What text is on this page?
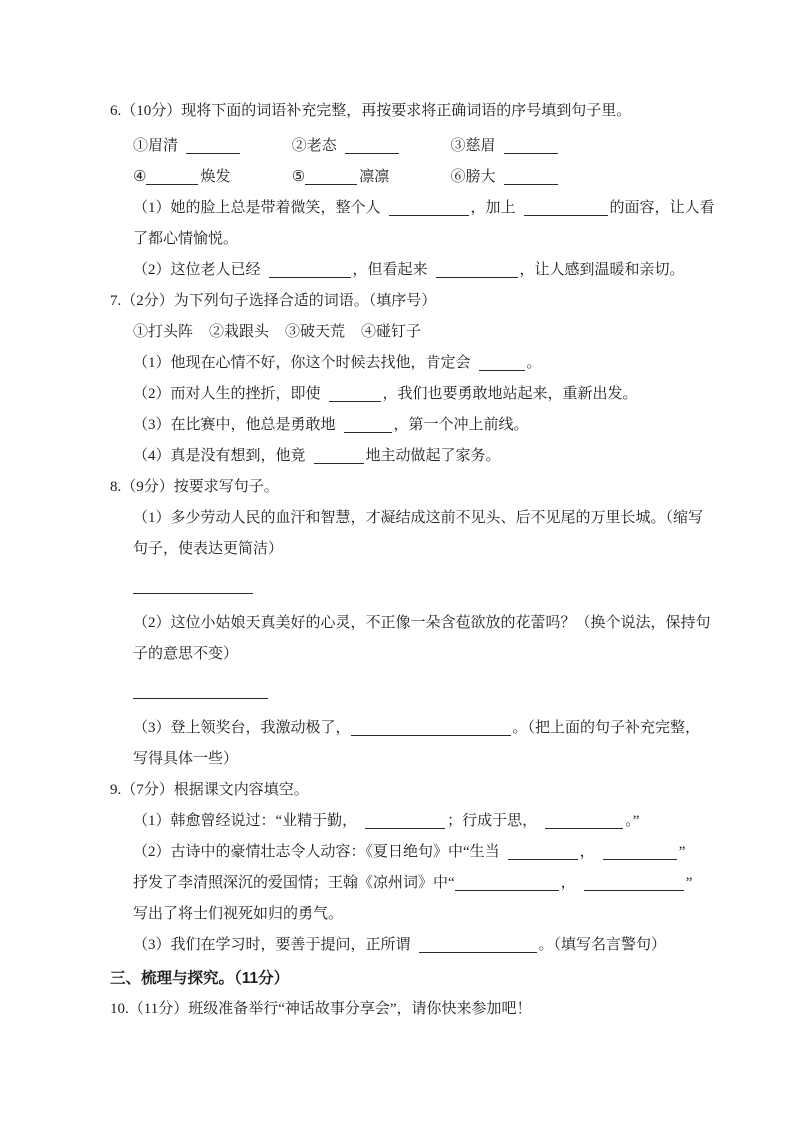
6.（10分）现将下面的词语补充完整，再按要求将正确词语的序号填到句子里。
①眉清	②老态	③慈眉
④	焕发	⑤	凛凛	⑥膀大
（1）她的脸上总是带着微笑，整个人	，加上	的面容，让人看
了都心情愉悦。
（2）这位老人已经	，但看起来	，让人感到温暖和亲切。
7.（2分）为下列句子选择合适的词语。（填序号）
①打头阵 ②栽跟头 ③破天荒 ④碰钉子
（1）他现在心情不好，你这个时候去找他，肯定会	。
（2）而对人生的挫折，即使	，我们也要勇敢地站起来，重新出发。
（3）在比赛中，他总是勇敢地	，第一个冲上前线。
（4）真是没有想到，他竟	地主动做起了家务。
8.（9分）按要求写句子。
（1）多少劳动人民的血汗和智慧，才凝结成这前不见头、后不见尾的万里长城。（缩写
句子，使表达更简洁）
（2）这位小姑娘天真美好的心灵，不正像一朵含苞欲放的花蕾吗？（换个说法，保持句
子的意思不变）
（3）登上领奖台，我激动极了，	。（把上面的句子补充完整，
写得具体一些）
9.（7分）根据课文内容填空。
（1）韩愈曾经说过：“业精于勤，	；行成于思，	。”
（2）古诗中的豪情壮志令人动容：《夏日绝句》中“生当	，	”
抒发了李清照深沉的爱国情；王翰《凉州词》中“	，	”
写出了将士们视死如归的勇气。
（3）我们在学习时，要善于提问，正所谓	。（填写名言警句）
三、梳理与探究。（11分）
10.（11分）班级准备举行“神话故事分享会”，请你快来参加吧！
